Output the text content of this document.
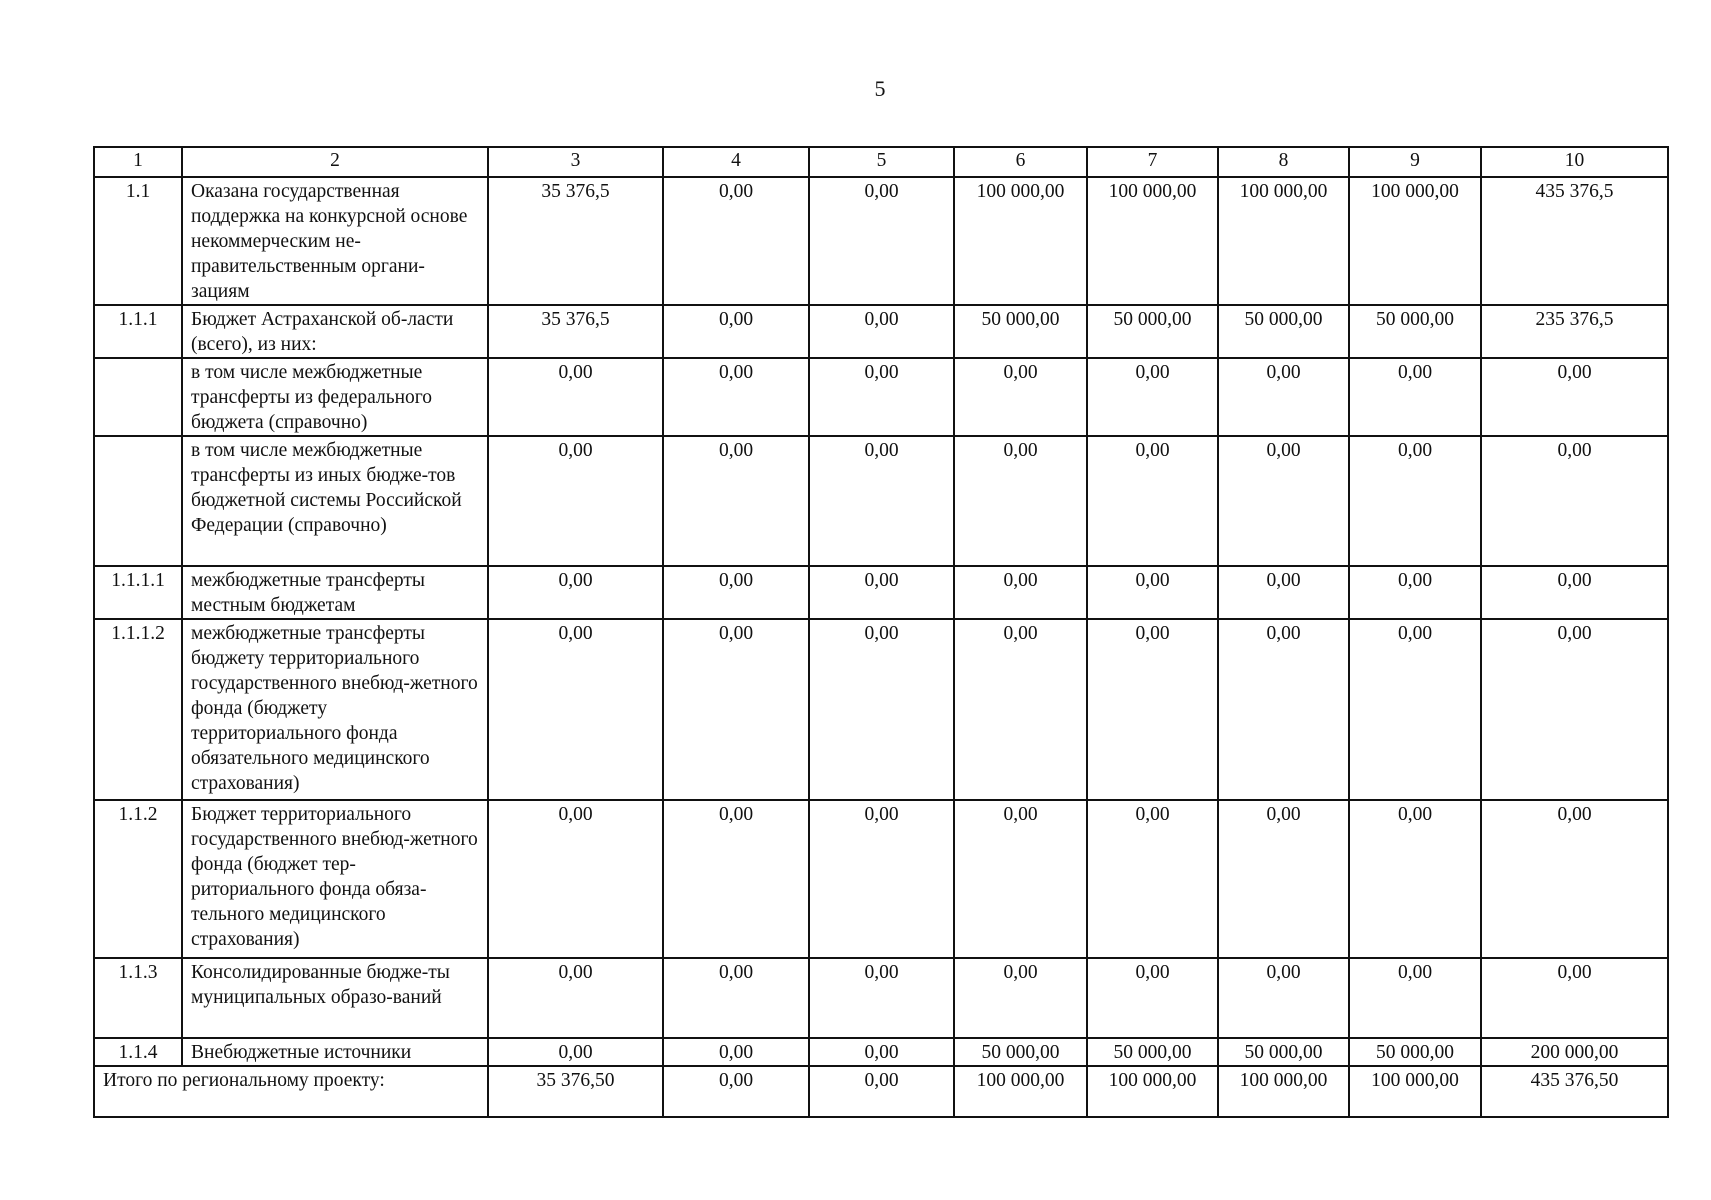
5
1	2	3	4	5	6	7	8	9	10
1.1	Оказана государственная поддержка на конкурсной основе некоммерческим не-правительственным органи-зациям	35 376,5	0,00	0,00	100 000,00	100 000,00	100 000,00	100 000,00	435 376,5
1.1.1	Бюджет Астраханской об-ласти (всего), из них:	35 376,5	0,00	0,00	50 000,00	50 000,00	50 000,00	50 000,00	235 376,5
	в том числе межбюджетные трансферты из федерального бюджета (справочно)	0,00	0,00	0,00	0,00	0,00	0,00	0,00	0,00
	в том числе межбюджетные трансферты из иных бюдже-тов бюджетной системы Российской Федерации (справочно)	0,00	0,00	0,00	0,00	0,00	0,00	0,00	0,00
1.1.1.1	межбюджетные трансферты местным бюджетам	0,00	0,00	0,00	0,00	0,00	0,00	0,00	0,00
1.1.1.2	межбюджетные трансферты бюджету территориального государственного внебюд-жетного фонда (бюджету территориального фонда обязательного медицинского страхования)	0,00	0,00	0,00	0,00	0,00	0,00	0,00	0,00
1.1.2	Бюджет территориального государственного внебюд-жетного фонда (бюджет тер-риториального фонда обяза-тельного медицинского страхования)	0,00	0,00	0,00	0,00	0,00	0,00	0,00	0,00
1.1.3	Консолидированные бюдже-ты муниципальных образо-ваний	0,00	0,00	0,00	0,00	0,00	0,00	0,00	0,00
1.1.4	Внебюджетные источники	0,00	0,00	0,00	50 000,00	50 000,00	50 000,00	50 000,00	200 000,00
Итого по региональному проекту:		35 376,50	0,00	0,00	100 000,00	100 000,00	100 000,00	100 000,00	435 376,50
